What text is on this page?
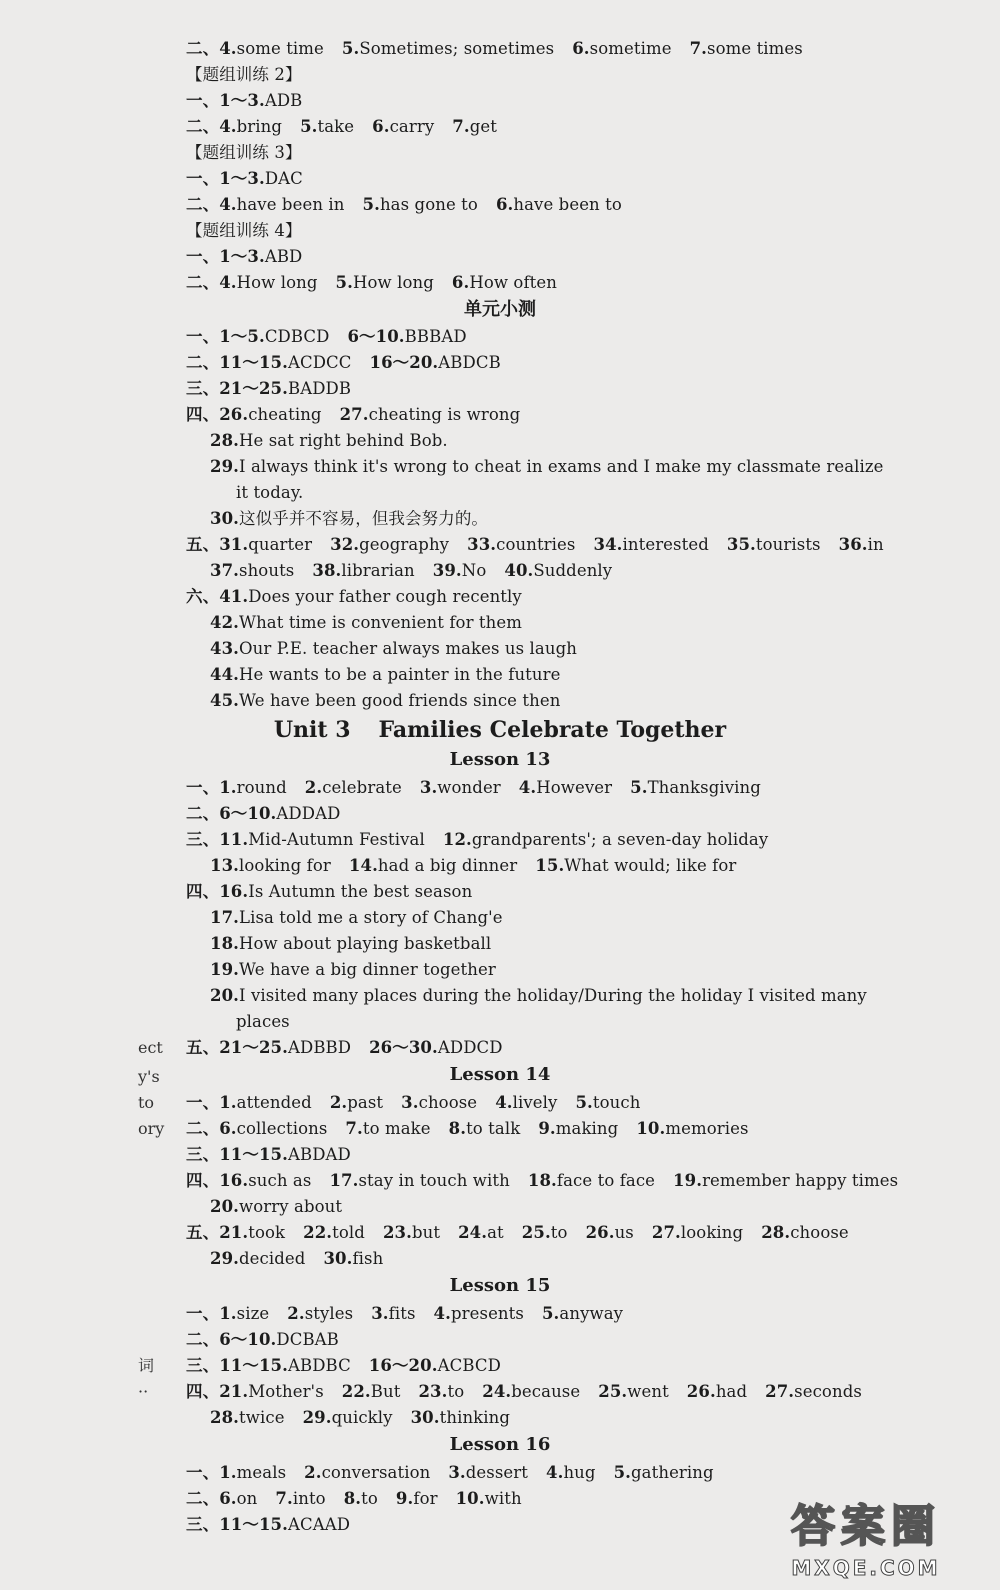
二、4.some time 5.Sometimes; sometimes 6.sometime 7.some times
【题组训练 2】
一、1～3.ADB
二、4.bring 5.take 6.carry 7.get
【题组训练 3】
一、1～3.DAC
二、4.have been in 5.has gone to 6.have been to
【题组训练 4】
一、1～3.ABD
二、4.How long 5.How long 6.How often
单元小测
一、1～5.CDBCD 6～10.BBBAD
二、11～15.ACDCC 16～20.ABDCB
三、21～25.BADDB
四、26.cheating 27.cheating is wrong
28.He sat right behind Bob.
29.I always think it's wrong to cheat in exams and I make my classmate realize
it today.
30.这似乎并不容易，但我会努力的。
五、31.quarter 32.geography 33.countries 34.interested 35.tourists 36.in
37.shouts 38.librarian 39.No 40.Suddenly
六、41.Does your father cough recently
42.What time is convenient for them
43.Our P.E. teacher always makes us laugh
44.He wants to be a painter in the future
45.We have been good friends since then
Unit 3 Families Celebrate Together
Lesson 13
一、1.round 2.celebrate 3.wonder 4.However 5.Thanksgiving
二、6～10.ADDAD
三、11.Mid-Autumn Festival 12.grandparents'; a seven-day holiday
13.looking for 14.had a big dinner 15.What would; like for
四、16.Is Autumn the best season
17.Lisa told me a story of Chang'e
18.How about playing basketball
19.We have a big dinner together
20.I visited many places during the holiday/During the holiday I visited many
places
五、21～25.ADBBD 26～30.ADDCD
Lesson 14
一、1.attended 2.past 3.choose 4.lively 5.touch
二、6.collections 7.to make 8.to talk 9.making 10.memories
三、11～15.ABDAD
四、16.such as 17.stay in touch with 18.face to face 19.remember happy times
20.worry about
五、21.took 22.told 23.but 24.at 25.to 26.us 27.looking 28.choose
29.decided 30.fish
Lesson 15
一、1.size 2.styles 3.fits 4.presents 5.anyway
二、6～10.DCBAB
三、11～15.ABDBC 16～20.ACBCD
四、21.Mother's 22.But 23.to 24.because 25.went 26.had 27.seconds
28.twice 29.quickly 30.thinking
Lesson 16
一、1.meals 2.conversation 3.dessert 4.hug 5.gathering
二、6.on 7.into 8.to 9.for 10.with
三、11～15.ACAAD
ect
y's
to
ory
词
··
答案圈
MXQE.COM
